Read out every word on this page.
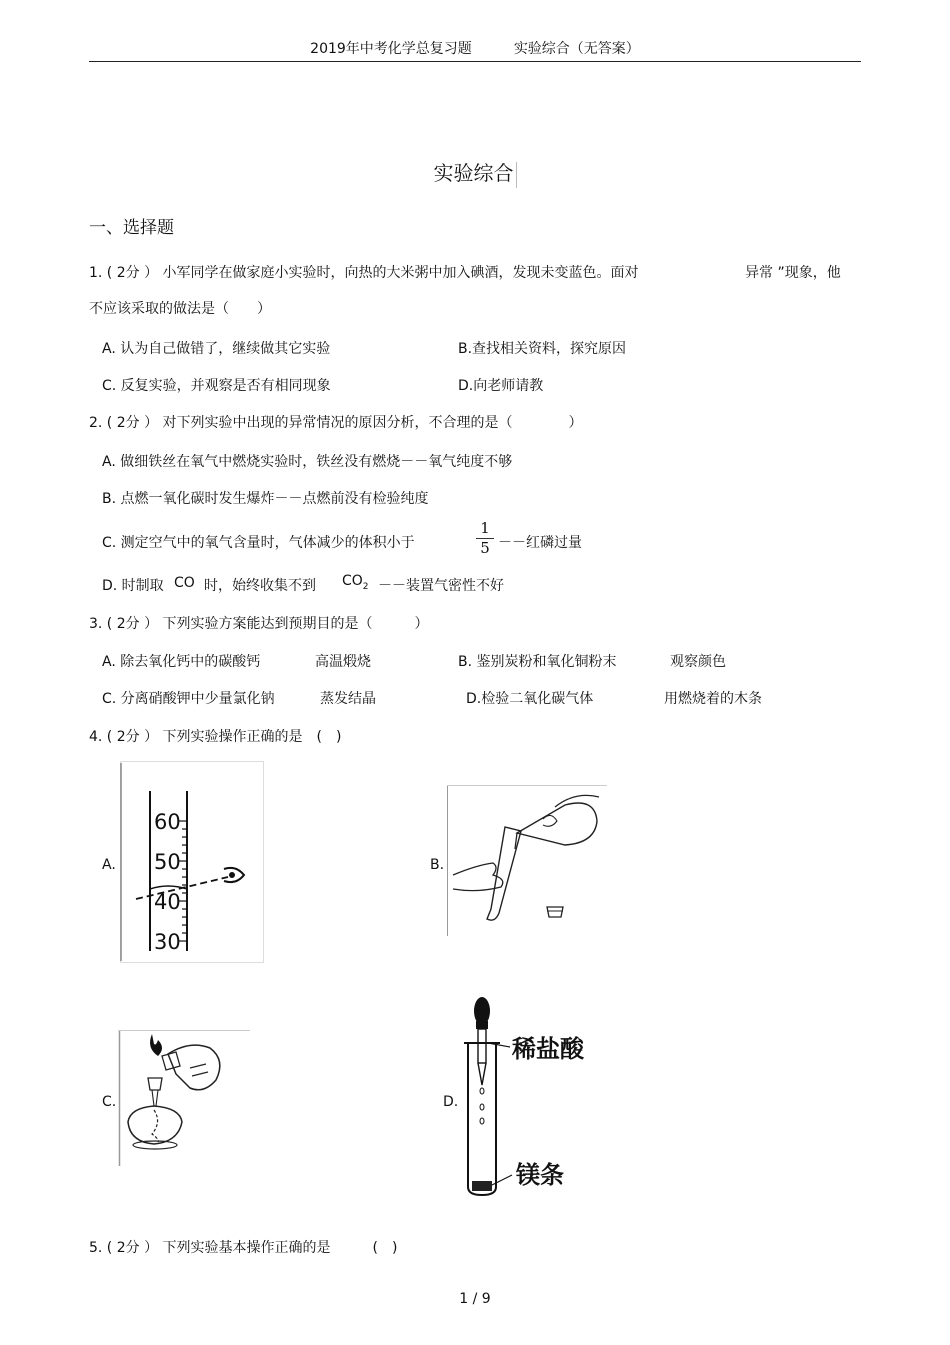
2019年中考化学总复习题	实验综合（无答案）
实验综合
一、选择题
1. ( 2分 ） 小军同学在做家庭小实验时，向热的大米粥中加入碘酒，发现未变蓝色。面对	异常 ”现象，他
不应该采取的做法是（　　）
A. 认为自己做错了，继续做其它实验	B.查找相关资料，探究原因
C. 反复实验，并观察是否有相同现象	D.向老师请教
2. ( 2分 ） 对下列实验中出现的异常情况的原因分析，不合理的是（　　　　）
A. 做细铁丝在氧气中燃烧实验时，铁丝没有燃烧－－氧气纯度不够
B. 点燃一氧化碳时发生爆炸－－点燃前没有检验纯度
C. 测定空气中的氧气含量时，气体减少的体积小于
1
5 －－红磷过量
D. 时制取 CO 时，始终收集不到 $CO_2$ －－装置气密性不好
3. ( 2分 ） 下列实验方案能达到预期目的是（　　　）
A. 除去氧化钙中的碳酸钙	高温煅烧	B. 鉴别炭粉和氧化铜粉末	观察颜色
C. 分离硝酸钾中少量氯化钠	蒸发结晶	D.检验二氧化碳气体	用燃烧着的木条
4. ( 2分 ） 下列实验操作正确的是　(　)
A.
60
50
40
30
B.
C.	D.
稀盐酸
镁条
5. ( 2分 ） 下列实验基本操作正确的是　　　(　)
1 / 9
